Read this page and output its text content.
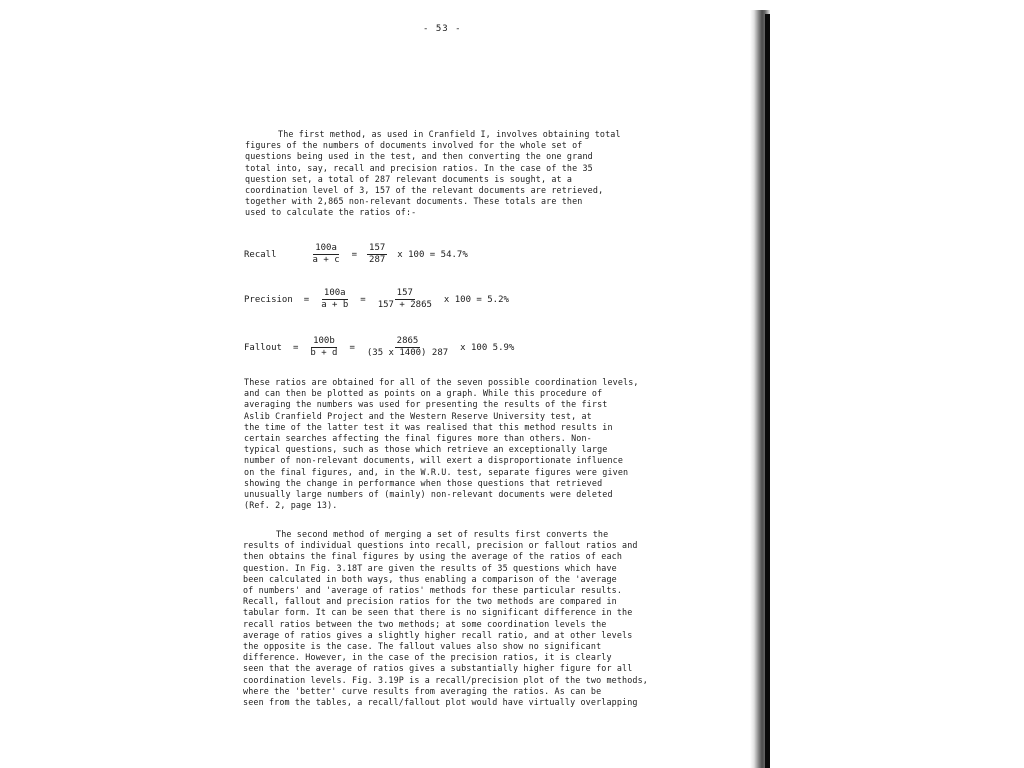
- 53 -
The first method, as used in Cranfield I, involves obtaining total
figures of the numbers of documents involved for the whole set of
questions being used in the test, and then converting the one grand
total into, say, recall and precision ratios. In the case of the 35
question set, a total of 287 relevant documents is sought, at a
coordination level of 3, 157 of the relevant documents are retrieved,
together with 2,865 non-relevant documents. These totals are then
used to calculate the ratios of:-
Recall	$\frac{100a}{a + c} = \frac{157}{287}$ x 100 = 54.7%
Precision = $\frac{100a}{a + b} = \frac{157}{157 + 2865}$ x 100 = 5.2%
Fallout = $\frac{100b}{b + d} = \frac{2865}{(35 x 1400) 287}$ x 100 5.9%
These ratios are obtained for all of the seven possible coordination levels,
and can then be plotted as points on a graph. While this procedure of
averaging the numbers was used for presenting the results of the first
Aslib Cranfield Project and the Western Reserve University test, at
the time of the latter test it was realised that this method results in
certain searches affecting the final figures more than others. Non-
typical questions, such as those which retrieve an exceptionally large
number of non-relevant documents, will exert a disproportionate influence
on the final figures, and, in the W.R.U. test, separate figures were given
showing the change in performance when those questions that retrieved
unusually large numbers of (mainly) non-relevant documents were deleted
(Ref. 2, page 13).
The second method of merging a set of results first converts the
results of individual questions into recall, precision or fallout ratios and
then obtains the final figures by using the average of the ratios of each
question. In Fig. 3.18T are given the results of 35 questions which have
been calculated in both ways, thus enabling a comparison of the 'average
of numbers' and 'average of ratios' methods for these particular results.
Recall, fallout and precision ratios for the two methods are compared in
tabular form. It can be seen that there is no significant difference in the
recall ratios between the two methods; at some coordination levels the
average of ratios gives a slightly higher recall ratio, and at other levels
the opposite is the case. The fallout values also show no significant
difference. However, in the case of the precision ratios, it is clearly
seen that the average of ratios gives a substantially higher figure for all
coordination levels. Fig. 3.19P is a recall/precision plot of the two methods,
where the 'better' curve results from averaging the ratios. As can be
seen from the tables, a recall/fallout plot would have virtually overlapping
